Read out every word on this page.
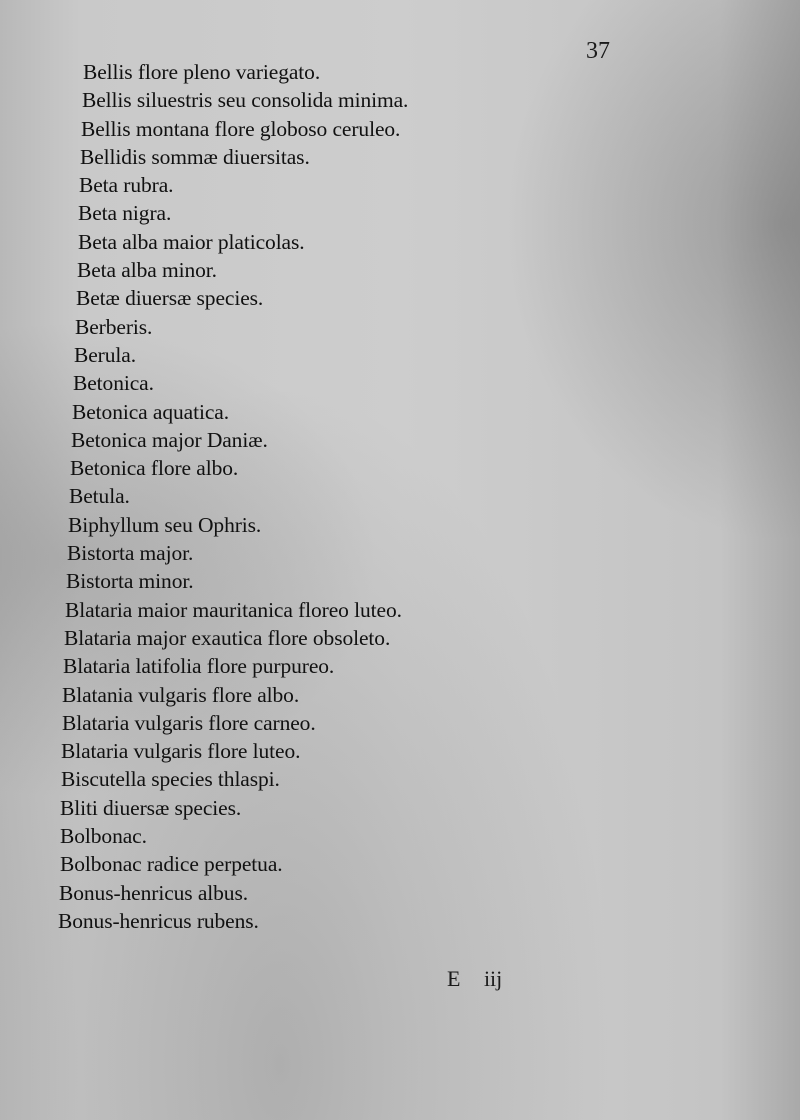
37
Bellis flore pleno variegato.
Bellis siluestris seu consolida minima.
Bellis montana flore globoso ceruleo.
Bellidis sommæ diuersitas.
Beta rubra.
Beta nigra.
Beta alba maior platicolas.
Beta alba minor.
Betæ diuersæ species.
Berberis.
Berula.
Betonica.
Betonica aquatica.
Betonica major Daniæ.
Betonica flore albo.
Betula.
Biphyllum seu Ophris.
Bistorta major.
Bistorta minor.
Blataria maior mauritanica floreo luteo.
Blataria major exautica flore obsoleto.
Blataria latifolia flore purpureo.
Blatania vulgaris flore albo.
Blataria vulgaris flore carneo.
Blataria vulgaris flore luteo.
Biscutella species thlaspi.
Bliti diuersæ species.
Bolbonac.
Bolbonac radice perpetua.
Bonus-henricus albus.
Bonus-henricus rubens.
E iij
